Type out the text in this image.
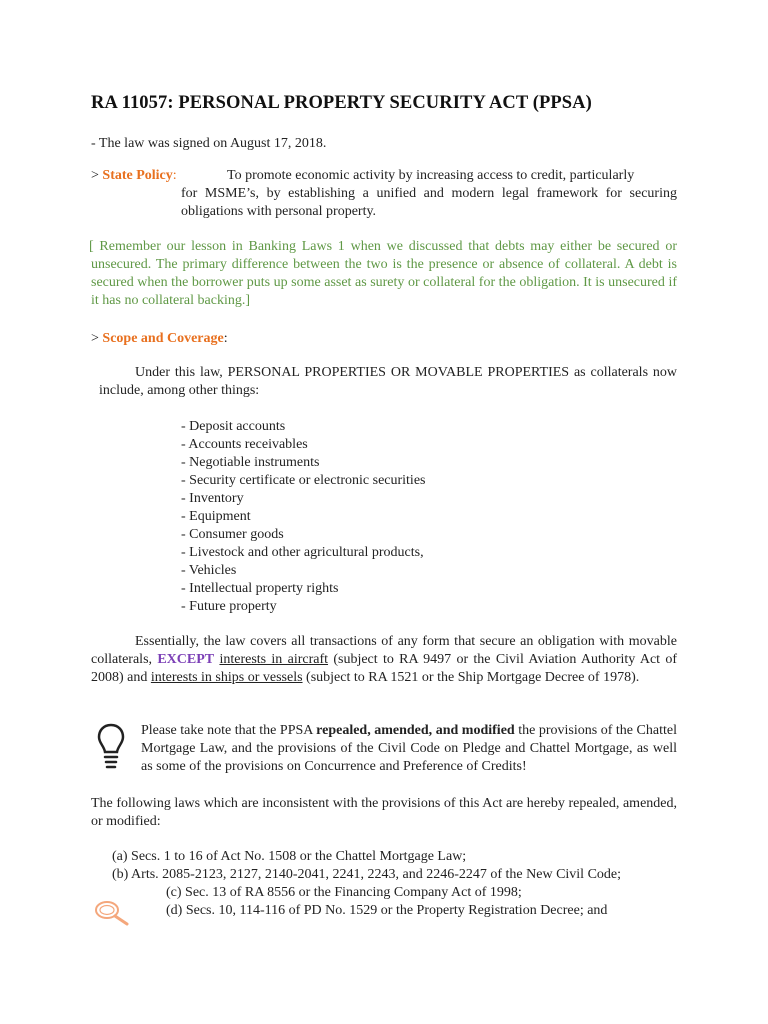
RA 11057: PERSONAL PROPERTY SECURITY ACT (PPSA)
- The law was signed on August 17, 2018.
> State Policy:	To promote economic activity by increasing access to credit, particularly
for MSME’s, by establishing a unified and modern legal framework for securing obligations with personal property.
[ Remember our lesson in Banking Laws 1 when we discussed that debts may either be secured or unsecured. The primary difference between the two is the presence or absence of collateral. A debt is secured when the borrower puts up some asset as surety or collateral for the obligation. It is unsecured if it has no collateral backing.]
> Scope and Coverage:
Under this law, PERSONAL PROPERTIES OR MOVABLE PROPERTIES as collaterals now include, among other things:
- Deposit accounts
- Accounts receivables
- Negotiable instruments
- Security certificate or electronic securities
- Inventory
- Equipment
- Consumer goods
- Livestock and other agricultural products,
- Vehicles
- Intellectual property rights
- Future property
Essentially, the law covers all transactions of any form that secure an obligation with movable collaterals, EXCEPT interests in aircraft (subject to RA 9497 or the Civil Aviation Authority Act of 2008) and interests in ships or vessels (subject to RA 1521 or the Ship Mortgage Decree of 1978).
Please take note that the PPSA repealed, amended, and modified the provisions of the Chattel Mortgage Law, and the provisions of the Civil Code on Pledge and Chattel Mortgage, as well as some of the provisions on Concurrence and Preference of Credits!
The following laws which are inconsistent with the provisions of this Act are hereby repealed, amended, or modified:
(a) Secs. 1 to 16 of Act No. 1508 or the Chattel Mortgage Law;
(b) Arts. 2085-2123, 2127, 2140-2041, 2241, 2243, and 2246-2247 of the New Civil Code;
(c) Sec. 13 of RA 8556 or the Financing Company Act of 1998;
(d) Secs. 10, 114-116 of PD No. 1529 or the Property Registration Decree; and
